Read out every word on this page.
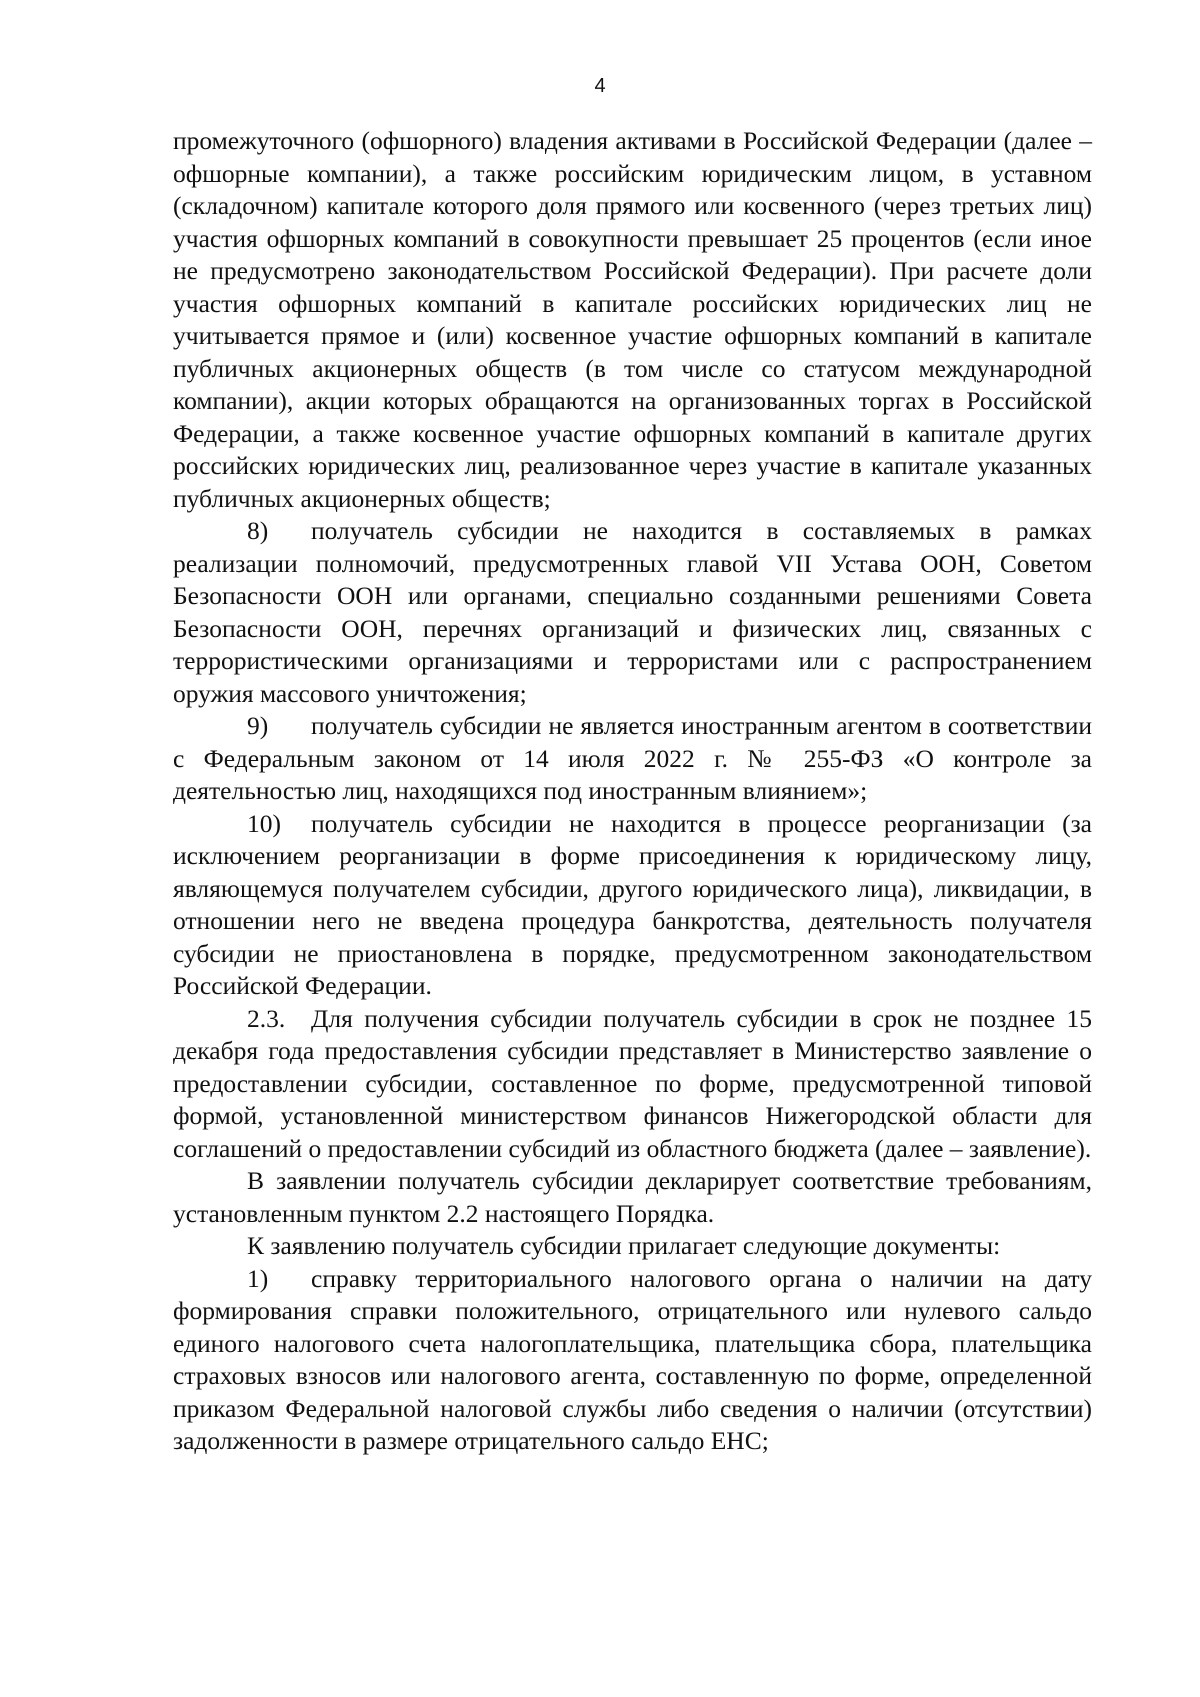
4

промежуточного (офшорного) владения активами в Российской Федерации (далее – офшорные компании), а также российским юридическим лицом, в уставном (складочном) капитале которого доля прямого или косвенного (через третьих лиц) участия офшорных компаний в совокупности превышает 25 процентов (если иное не предусмотрено законодательством Российской Федерации). При расчете доли участия офшорных компаний в капитале российских юридических лиц не учитывается прямое и (или) косвенное участие офшорных компаний в капитале публичных акционерных обществ (в том числе со статусом международной компании), акции которых обращаются на организованных торгах в Российской Федерации, а также косвенное участие офшорных компаний в капитале других российских юридических лиц, реализованное через участие в капитале указанных публичных акционерных обществ;

8) получатель субсидии не находится в составляемых в рамках реализации полномочий, предусмотренных главой VII Устава ООН, Советом Безопасности ООН или органами, специально созданными решениями Совета Безопасности ООН, перечнях организаций и физических лиц, связанных с террористическими организациями и террористами или с распространением оружия массового уничтожения;

9) получатель субсидии не является иностранным агентом в соответствии с Федеральным законом от 14 июля 2022 г. № 255-ФЗ «О контроле за деятельностью лиц, находящихся под иностранным влиянием»;

10) получатель субсидии не находится в процессе реорганизации (за исключением реорганизации в форме присоединения к юридическому лицу, являющемуся получателем субсидии, другого юридического лица), ликвидации, в отношении него не введена процедура банкротства, деятельность получателя субсидии не приостановлена в порядке, предусмотренном законодательством Российской Федерации.

2.3. Для получения субсидии получатель субсидии в срок не позднее 15 декабря года предоставления субсидии представляет в Министерство заявление о предоставлении субсидии, составленное по форме, предусмотренной типовой формой, установленной министерством финансов Нижегородской области для соглашений о предоставлении субсидий из областного бюджета (далее – заявление).

В заявлении получатель субсидии декларирует соответствие требованиям, установленным пунктом 2.2 настоящего Порядка.

К заявлению получатель субсидии прилагает следующие документы:

1) справку территориального налогового органа о наличии на дату формирования справки положительного, отрицательного или нулевого сальдо единого налогового счета налогоплательщика, плательщика сбора, плательщика страховых взносов или налогового агента, составленную по форме, определенной приказом Федеральной налоговой службы либо сведения о наличии (отсутствии) задолженности в размере отрицательного сальдо ЕНС;
